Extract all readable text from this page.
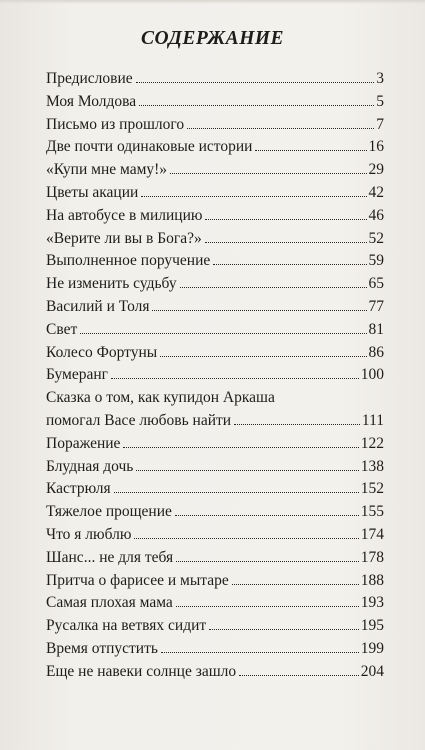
СОДЕРЖАНИЕ
Предисловие	3
Моя Молдова	5
Письмо из прошлого	7
Две почти одинаковые истории	16
«Купи мне маму!»	29
Цветы акации	42
На автобусе в милицию	46
«Верите ли вы в Бога?»	52
Выполненное поручение	59
Не изменить судьбу	65
Василий и Толя	77
Свет	81
Колесо Фортуны	86
Бумеранг	100
Сказка о том, как купидон Аркаша
помогал Васе любовь найти	111
Поражение	122
Блудная дочь	138
Кастрюля	152
Тяжелое прощение	155
Что я люблю	174
Шанс... не для тебя	178
Притча о фарисее и мытаре	188
Самая плохая мама	193
Русалка на ветвях сидит	195
Время отпустить	199
Еще не навеки солнце зашло	204
